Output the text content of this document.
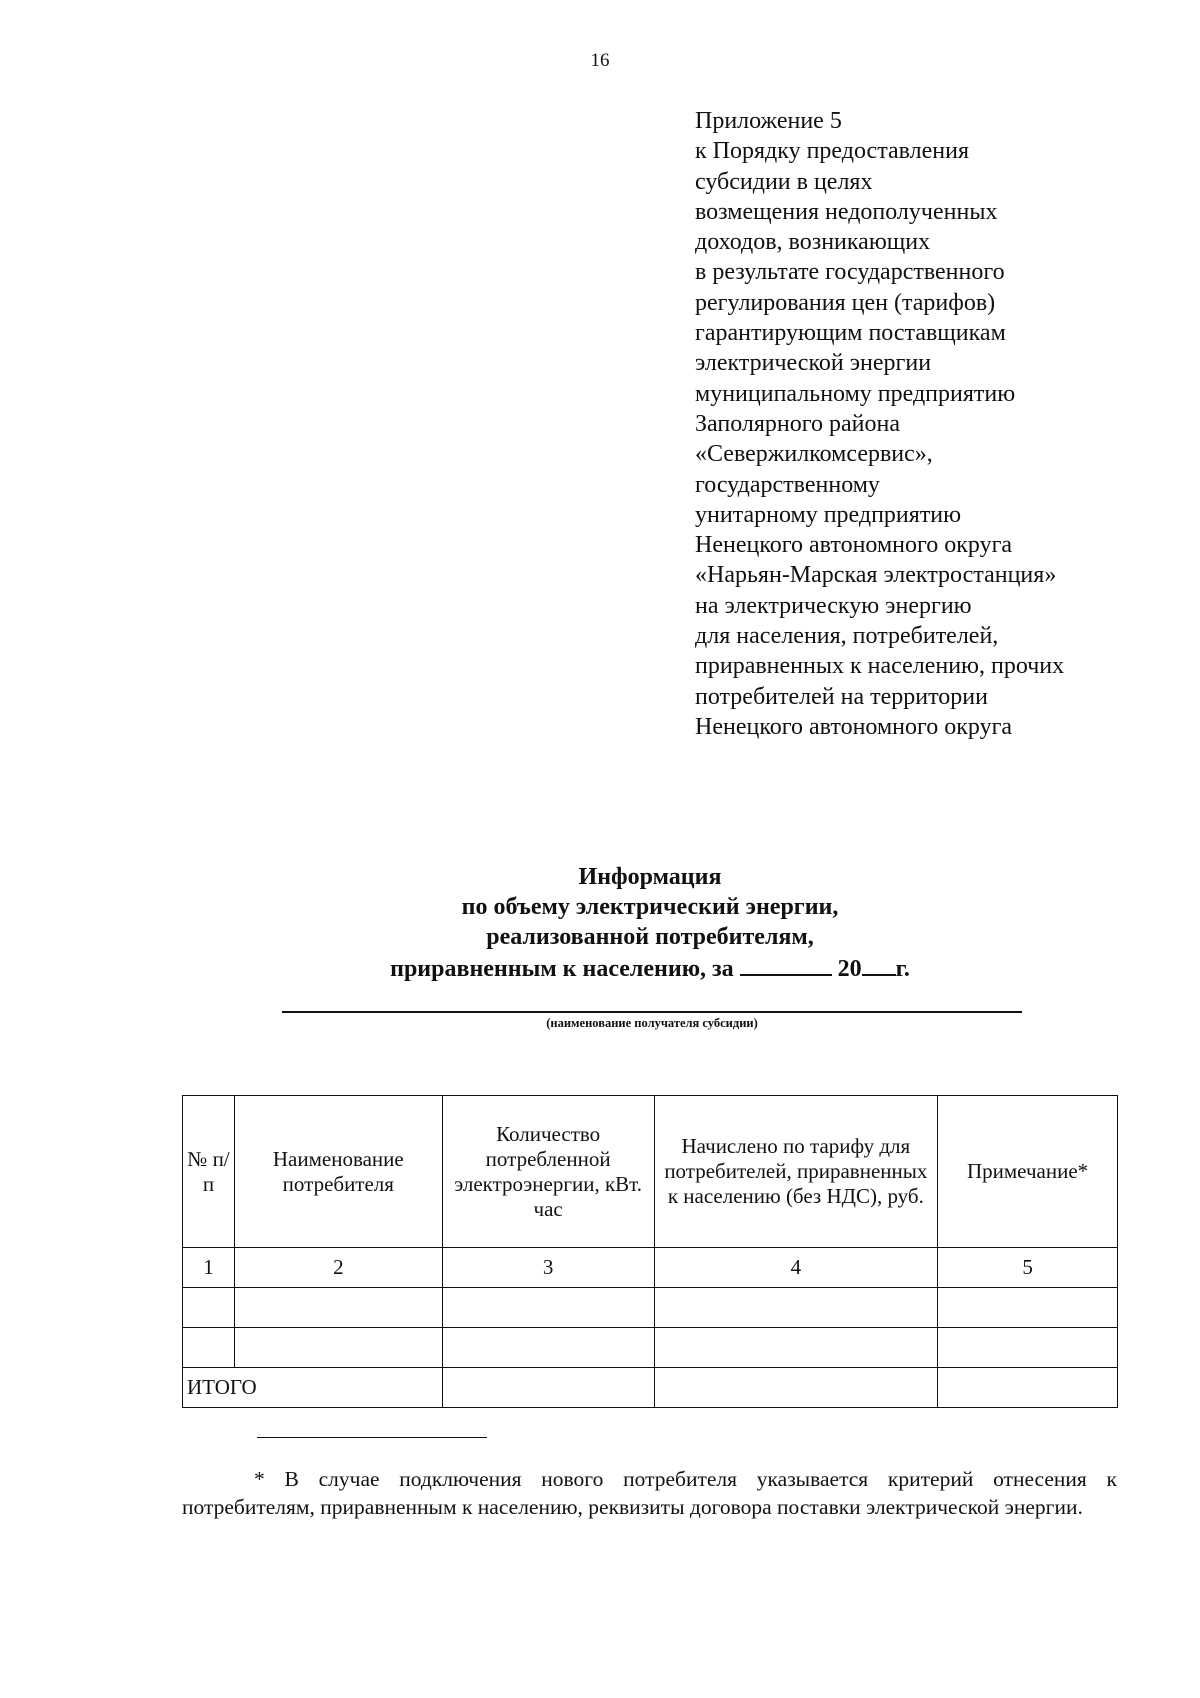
16
Приложение 5
к Порядку предоставления
субсидии в целях
возмещения недополученных
доходов, возникающих
в результате государственного
регулирования цен (тарифов)
гарантирующим поставщикам
электрической энергии
муниципальному предприятию
Заполярного района
«Севержилкомсервис»,
государственному
унитарному предприятию
Ненецкого автономного округа
«Нарьян-Марская электростанция»
на электрическую энергию
для населения, потребителей,
приравненных к населению, прочих
потребителей на территории
Ненецкого автономного округа
Информация
по объему электрический энергии,
реализованной потребителям,
приравненным к населению, за	20 г.
(наименование получателя субсидии)
№ п/п	Наименование потребителя	Количество потребленной электроэнергии, кВт. час	Начислено по тарифу для потребителей, приравненных к населению (без НДС), руб.	Примечание*
1	2	3	4	5

ИТОГО				
* В случае подключения нового потребителя указывается критерий отнесения к потребителям, приравненным к населению, реквизиты договора поставки электрической энергии.
